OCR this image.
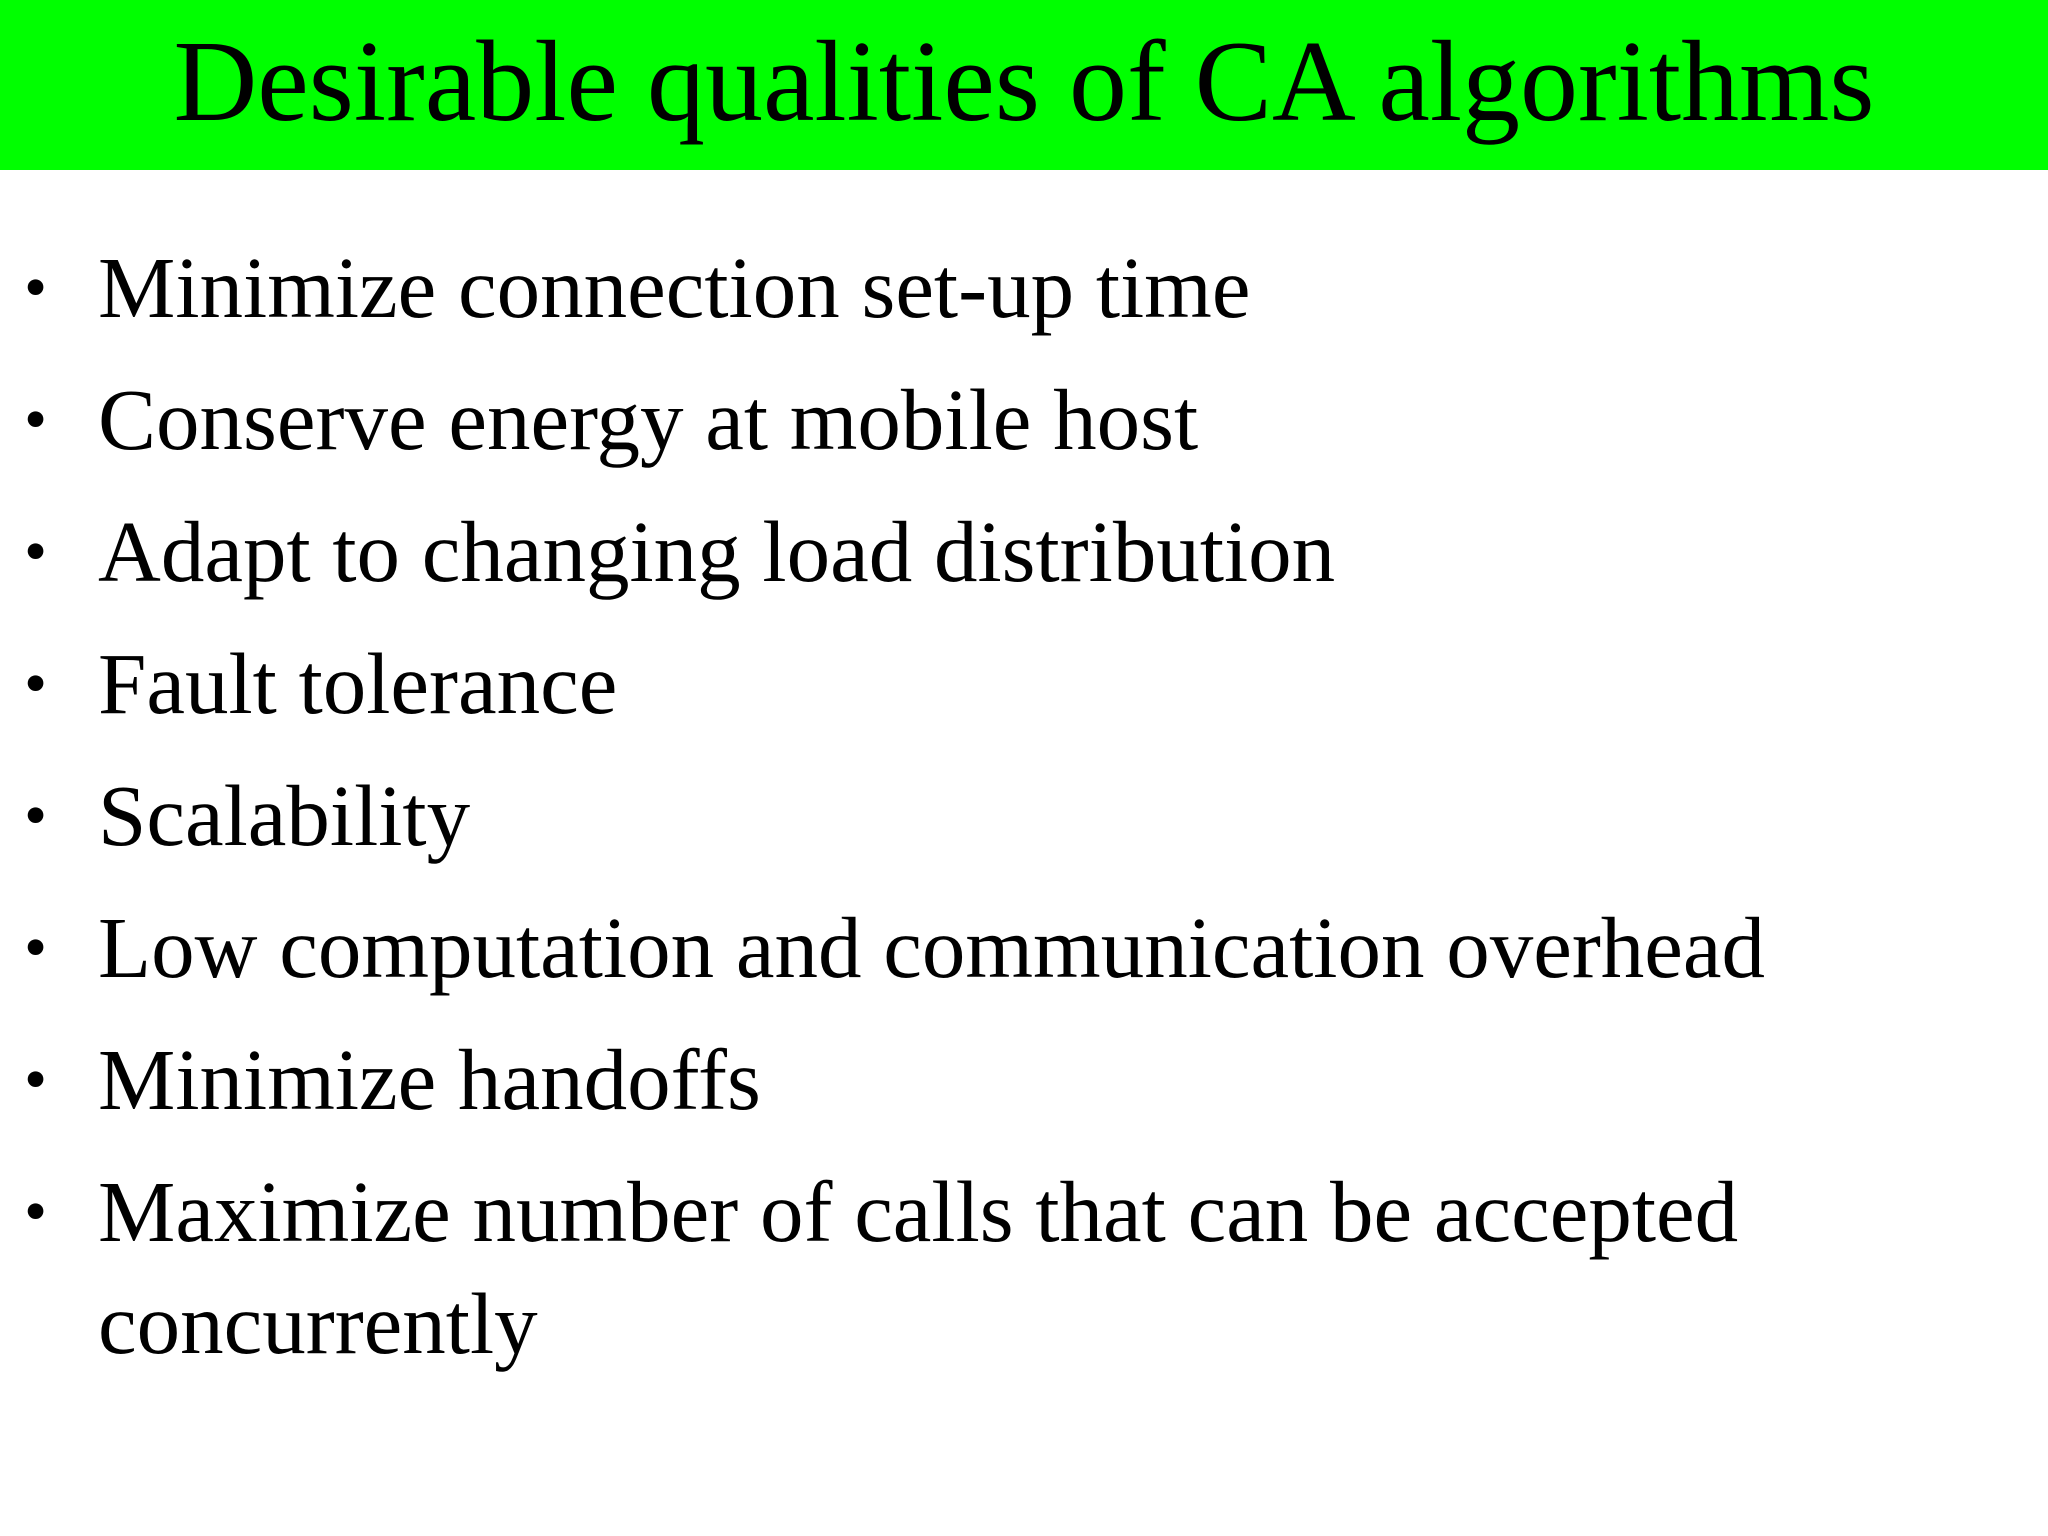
Desirable qualities of CA algorithms
• Minimize connection set-up time
• Conserve energy at mobile host
• Adapt to changing load distribution
• Fault tolerance
• Scalability
• Low computation and communication overhead
• Minimize handoffs
• Maximize number of calls that can be accepted concurrently
